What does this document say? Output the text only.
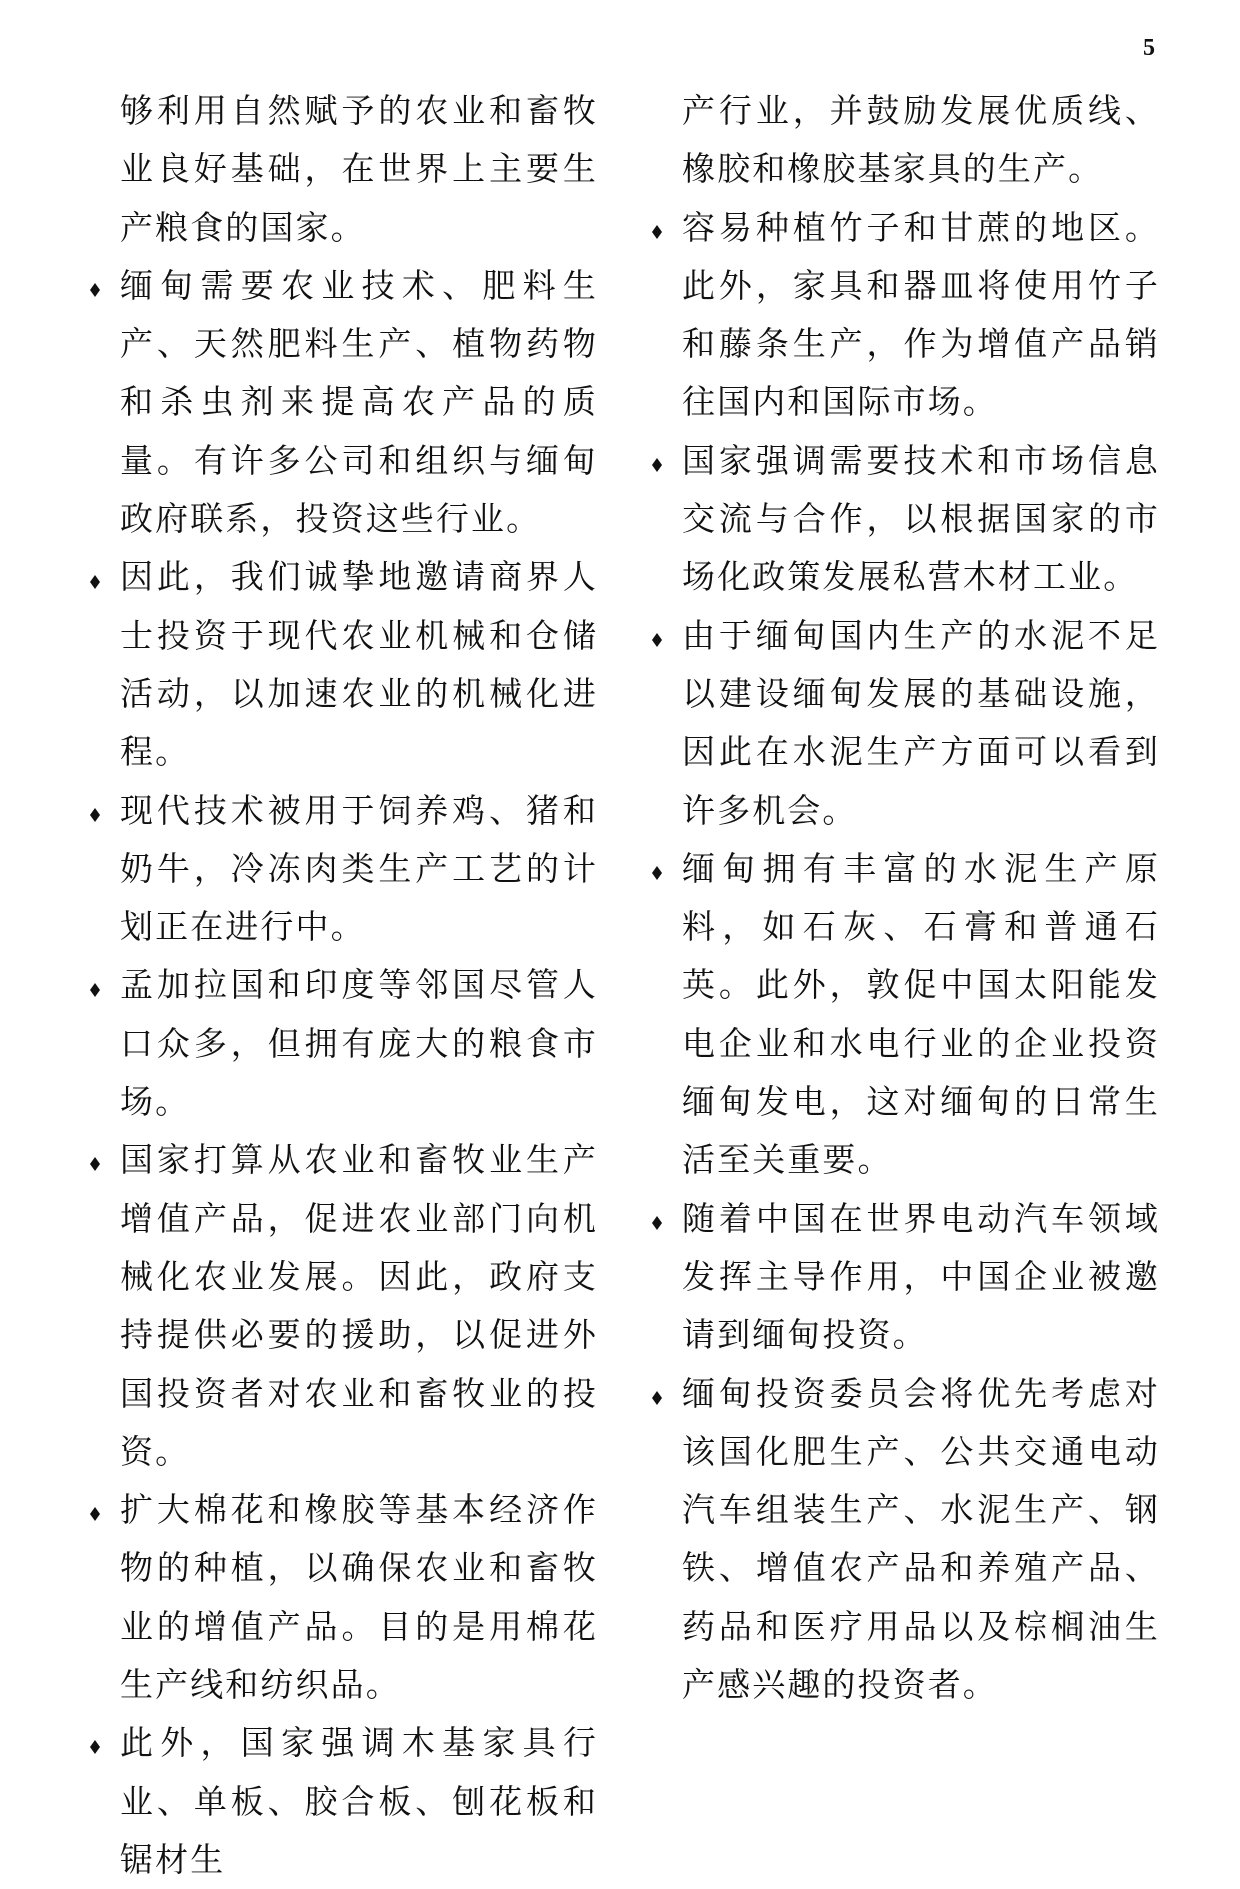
5

够利用自然赋予的农业和畜牧业良好基础，在世界上主要生产粮食的国家。

缅甸需要农业技术、肥料生产、天然肥料生产、植物药物和杀虫剂来提高农产品的质量。有许多公司和组织与缅甸政府联系，投资这些行业。

因此，我们诚挚地邀请商界人士投资于现代农业机械和仓储活动，以加速农业的机械化进程。

现代技术被用于饲养鸡、猪和奶牛，冷冻肉类生产工艺的计划正在进行中。

孟加拉国和印度等邻国尽管人口众多，但拥有庞大的粮食市场。

国家打算从农业和畜牧业生产增值产品，促进农业部门向机械化农业发展。因此，政府支持提供必要的援助，以促进外国投资者对农业和畜牧业的投资。

扩大棉花和橡胶等基本经济作物的种植，以确保农业和畜牧业的增值产品。目的是用棉花生产线和纺织品。

此外，国家强调木基家具行业、单板、胶合板、刨花板和锯材生

产行业，并鼓励发展优质线、橡胶和橡胶基家具的生产。

容易种植竹子和甘蔗的地区。此外，家具和器皿将使用竹子和藤条生产，作为增值产品销往国内和国际市场。

国家强调需要技术和市场信息交流与合作，以根据国家的市场化政策发展私营木材工业。

由于缅甸国内生产的水泥不足以建设缅甸发展的基础设施，因此在水泥生产方面可以看到许多机会。

缅甸拥有丰富的水泥生产原料，如石灰、石膏和普通石英。此外，敦促中国太阳能发电企业和水电行业的企业投资缅甸发电，这对缅甸的日常生活至关重要。

随着中国在世界电动汽车领域发挥主导作用，中国企业被邀请到缅甸投资。

缅甸投资委员会将优先考虑对该国化肥生产、公共交通电动汽车组装生产、水泥生产、钢铁、增值农产品和养殖产品、药品和医疗用品以及棕榈油生产感兴趣的投资者。
